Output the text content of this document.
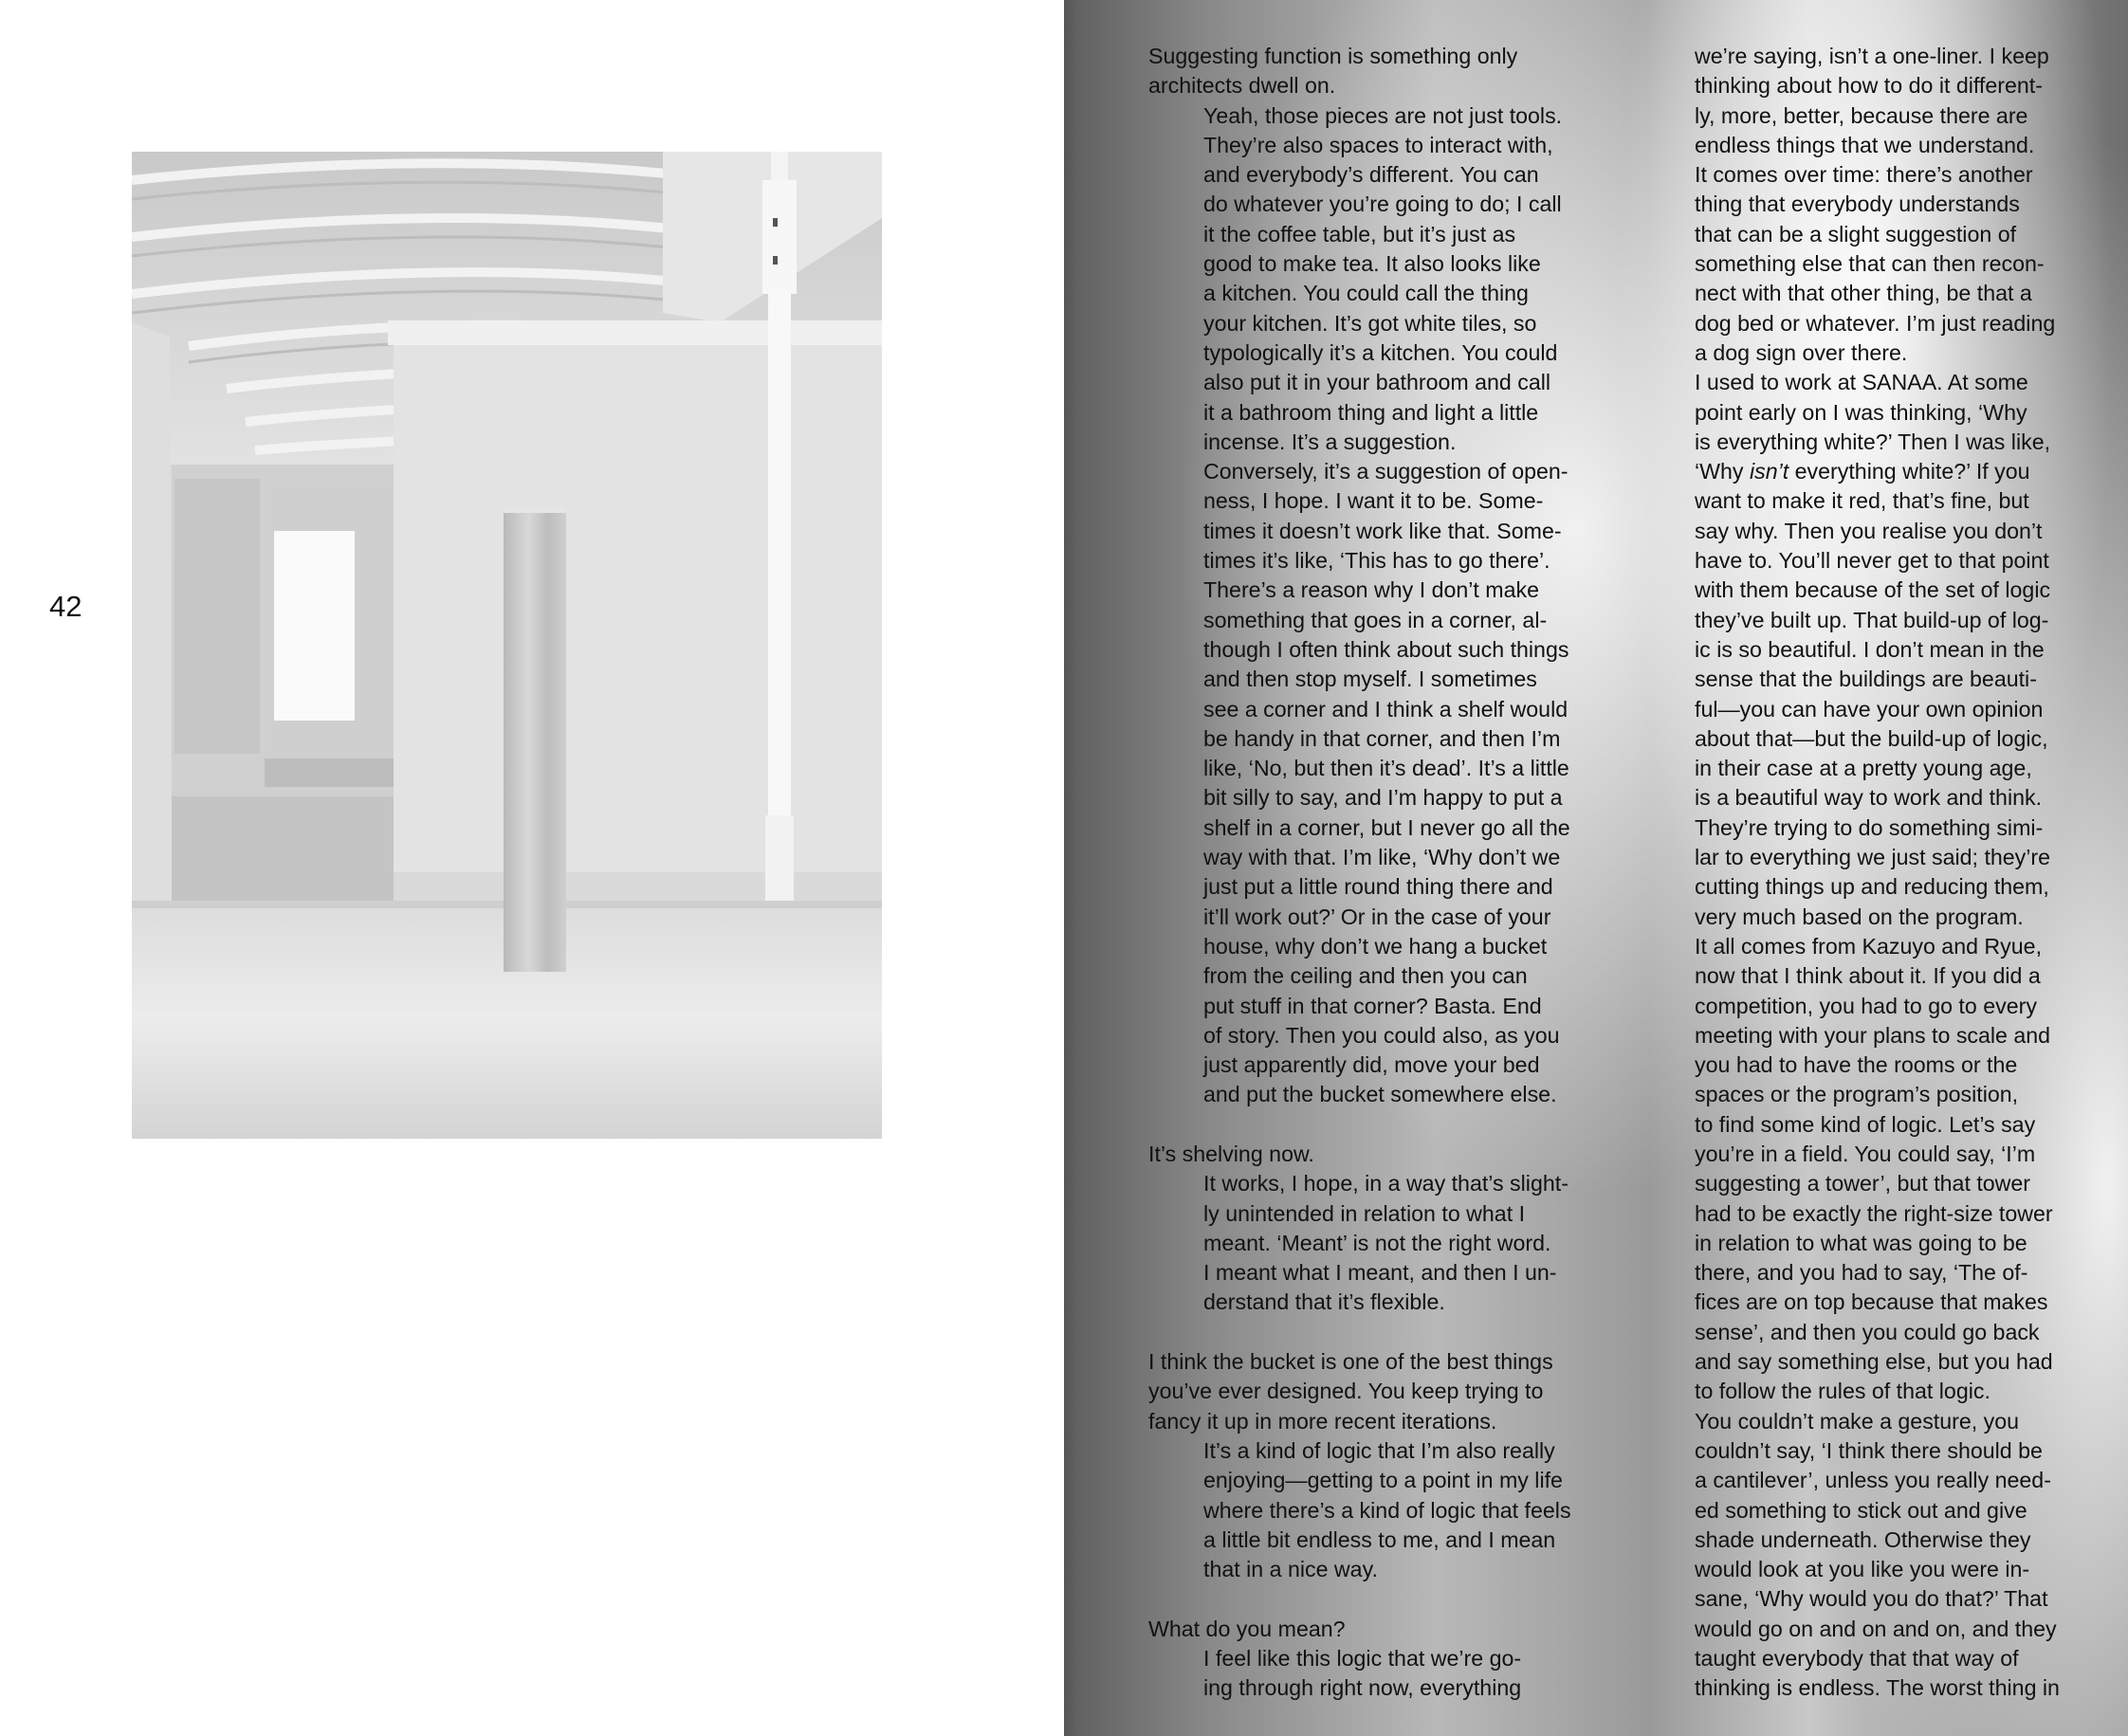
42
Suggesting function is something only
architects dwell on.
Yeah, those pieces are not just tools.
They’re also spaces to interact with,
and everybody’s different. You can
do whatever you’re going to do; I call
it the coffee table, but it’s just as
good to make tea. It also looks like
a kitchen. You could call the thing
your kitchen. It’s got white tiles, so
typologically it’s a kitchen. You could
also put it in your bathroom and call
it a bathroom thing and light a little
incense. It’s a suggestion.
Conversely, it’s a suggestion of open-
ness, I hope. I want it to be. Some-
times it doesn’t work like that. Some-
times it’s like, ‘This has to go there’.
There’s a reason why I don’t make
something that goes in a corner, al-
though I often think about such things
and then stop myself. I sometimes
see a corner and I think a shelf would
be handy in that corner, and then I’m
like, ‘No, but then it’s dead’. It’s a little
bit silly to say, and I’m happy to put a
shelf in a corner, but I never go all the
way with that. I’m like, ‘Why don’t we
just put a little round thing there and
it’ll work out?’ Or in the case of your
house, why don’t we hang a bucket
from the ceiling and then you can
put stuff in that corner? Basta. End
of story. Then you could also, as you
just apparently did, move your bed
and put the bucket somewhere else.
It’s shelving now.
It works, I hope, in a way that’s slight-
ly unintended in relation to what I
meant. ‘Meant’ is not the right word.
I meant what I meant, and then I un-
derstand that it’s flexible.
I think the bucket is one of the best things
you’ve ever designed. You keep trying to
fancy it up in more recent iterations.
It’s a kind of logic that I’m also really
enjoying—getting to a point in my life
where there’s a kind of logic that feels
a little bit endless to me, and I mean
that in a nice way.
What do you mean?
I feel like this logic that we’re go-
ing through right now, everything
we’re saying, isn’t a one-liner. I keep
thinking about how to do it different-
ly, more, better, because there are
endless things that we understand.
It comes over time: there’s another
thing that everybody understands
that can be a slight suggestion of
something else that can then recon-
nect with that other thing, be that a
dog bed or whatever. I’m just reading
a dog sign over there.
I used to work at SANAA. At some
point early on I was thinking, ‘Why
is everything white?’ Then I was like,
‘Why isn’t everything white?’ If you
want to make it red, that’s fine, but
say why. Then you realise you don’t
have to. You’ll never get to that point
with them because of the set of logic
they’ve built up. That build-up of log-
ic is so beautiful. I don’t mean in the
sense that the buildings are beauti-
ful—you can have your own opinion
about that—but the build-up of logic,
in their case at a pretty young age,
is a beautiful way to work and think.
They’re trying to do something simi-
lar to everything we just said; they’re
cutting things up and reducing them,
very much based on the program.
It all comes from Kazuyo and Ryue,
now that I think about it. If you did a
competition, you had to go to every
meeting with your plans to scale and
you had to have the rooms or the
spaces or the program’s position,
to find some kind of logic. Let’s say
you’re in a field. You could say, ‘I’m
suggesting a tower’, but that tower
had to be exactly the right-size tower
in relation to what was going to be
there, and you had to say, ‘The of-
fices are on top because that makes
sense’, and then you could go back
and say something else, but you had
to follow the rules of that logic.
You couldn’t make a gesture, you
couldn’t say, ‘I think there should be
a cantilever’, unless you really need-
ed something to stick out and give
shade underneath. Otherwise they
would look at you like you were in-
sane, ‘Why would you do that?’ That
would go on and on and on, and they
taught everybody that that way of
thinking is endless. The worst thing in
